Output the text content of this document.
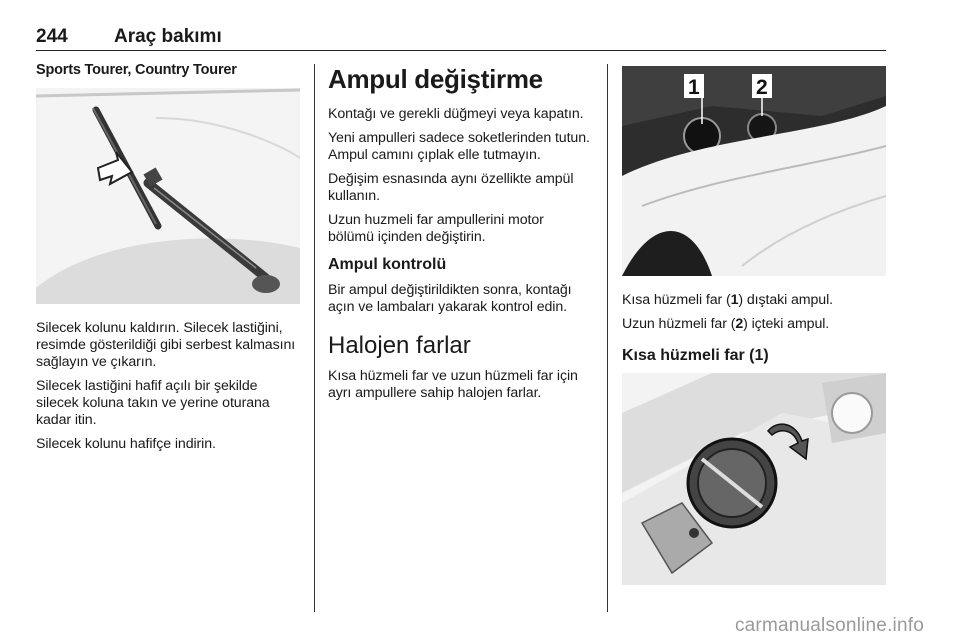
244 Araç bakımı
Sports Tourer, Country Tourer

Silecek kolunu kaldırın. Silecek lastiğini, resimde gösterildiği gibi serbest kalmasını sağlayın ve çıkarın.

Silecek lastiğini hafif açılı bir şekilde silecek koluna takın ve yerine oturana kadar itin.

Silecek kolunu hafifçe indirin.

Ampul değiştirme

Kontağı ve gerekli düğmeyi veya kapatın.

Yeni ampulleri sadece soketlerinden tutun. Ampul camını çıplak elle tutmayın.

Değişim esnasında aynı özellikte ampül kullanın.

Uzun huzmeli far ampullerini motor bölümü içinden değiştirin.

Ampul kontrolü

Bir ampul değiştirildikten sonra, kontağı açın ve lambaları yakarak kontrol edin.

Halojen farlar

Kısa hüzmeli far ve uzun hüzmeli far için ayrı ampullere sahip halojen farlar.

1	2

Kısa hüzmeli far (1) dıştaki ampul.

Uzun hüzmeli far (2) içteki ampul.

Kısa hüzmeli far (1)
carmanualsonline.info
